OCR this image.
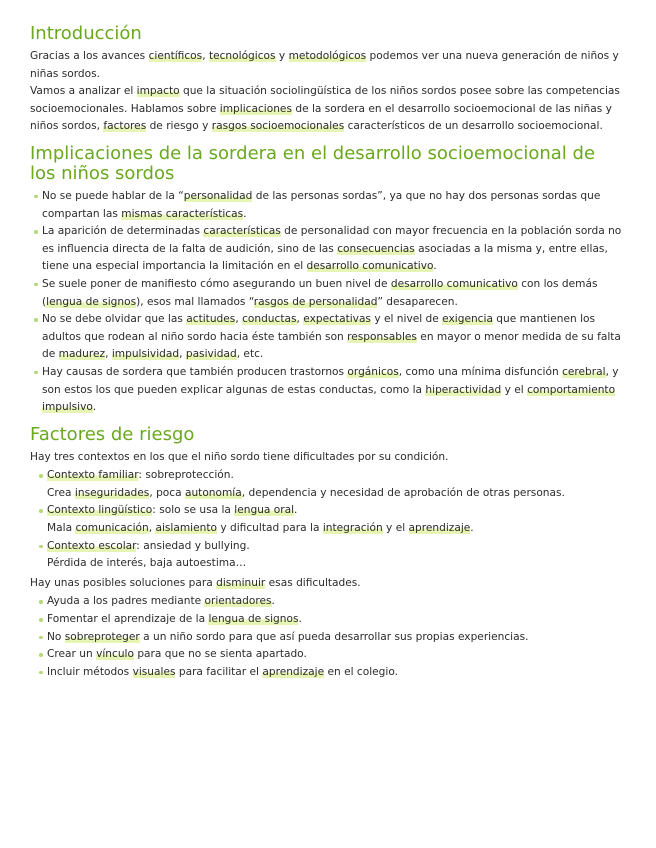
Introducción

Gracias a los avances científicos, tecnológicos y metodológicos podemos ver una nueva generación de niños y niñas sordos.

Vamos a analizar el impacto que la situación sociolingüística de los niños sordos posee sobre las competencias socioemocionales. Hablamos sobre implicaciones de la sordera en el desarrollo socioemocional de las niñas y niños sordos, factores de riesgo y rasgos socioemocionales característicos de un desarrollo socioemocional.

Implicaciones de la sordera en el desarrollo socioemocional de los niños sordos
No se puede hablar de la “personalidad de las personas sordas”, ya que no hay dos personas sordas que compartan las mismas características.
La aparición de determinadas características de personalidad con mayor frecuencia en la población sorda no es influencia directa de la falta de audición, sino de las consecuencias asociadas a la misma y, entre ellas, tiene una especial importancia la limitación en el desarrollo comunicativo.
Se suele poner de manifiesto cómo asegurando un buen nivel de desarrollo comunicativo con los demás (lengua de signos), esos mal llamados “rasgos de personalidad” desaparecen.
No se debe olvidar que las actitudes, conductas, expectativas y el nivel de exigencia que mantienen los adultos que rodean al niño sordo hacia éste también son responsables en mayor o menor medida de su falta de madurez, impulsividad, pasividad, etc.
Hay causas de sordera que también producen trastornos orgánicos, como una mínima disfunción cerebral, y son estos los que pueden explicar algunas de estas conductas, como la hiperactividad y el comportamiento impulsivo.
Factores de riesgo

Hay tres contextos en los que el niño sordo tiene dificultades por su condición.

Contexto familiar: sobreprotección.
Crea inseguridades, poca autonomía, dependencia y necesidad de aprobación de otras personas.
Contexto lingüístico: solo se usa la lengua oral.
Mala comunicación, aislamiento y dificultad para la integración y el aprendizaje.
Contexto escolar: ansiedad y bullying.
Pérdida de interés, baja autoestima…

Hay unas posibles soluciones para disminuir esas dificultades.

Ayuda a los padres mediante orientadores.
Fomentar el aprendizaje de la lengua de signos.
No sobreproteger a un niño sordo para que así pueda desarrollar sus propias experiencias.
Crear un vínculo para que no se sienta apartado.
Incluir métodos visuales para facilitar el aprendizaje en el colegio.
